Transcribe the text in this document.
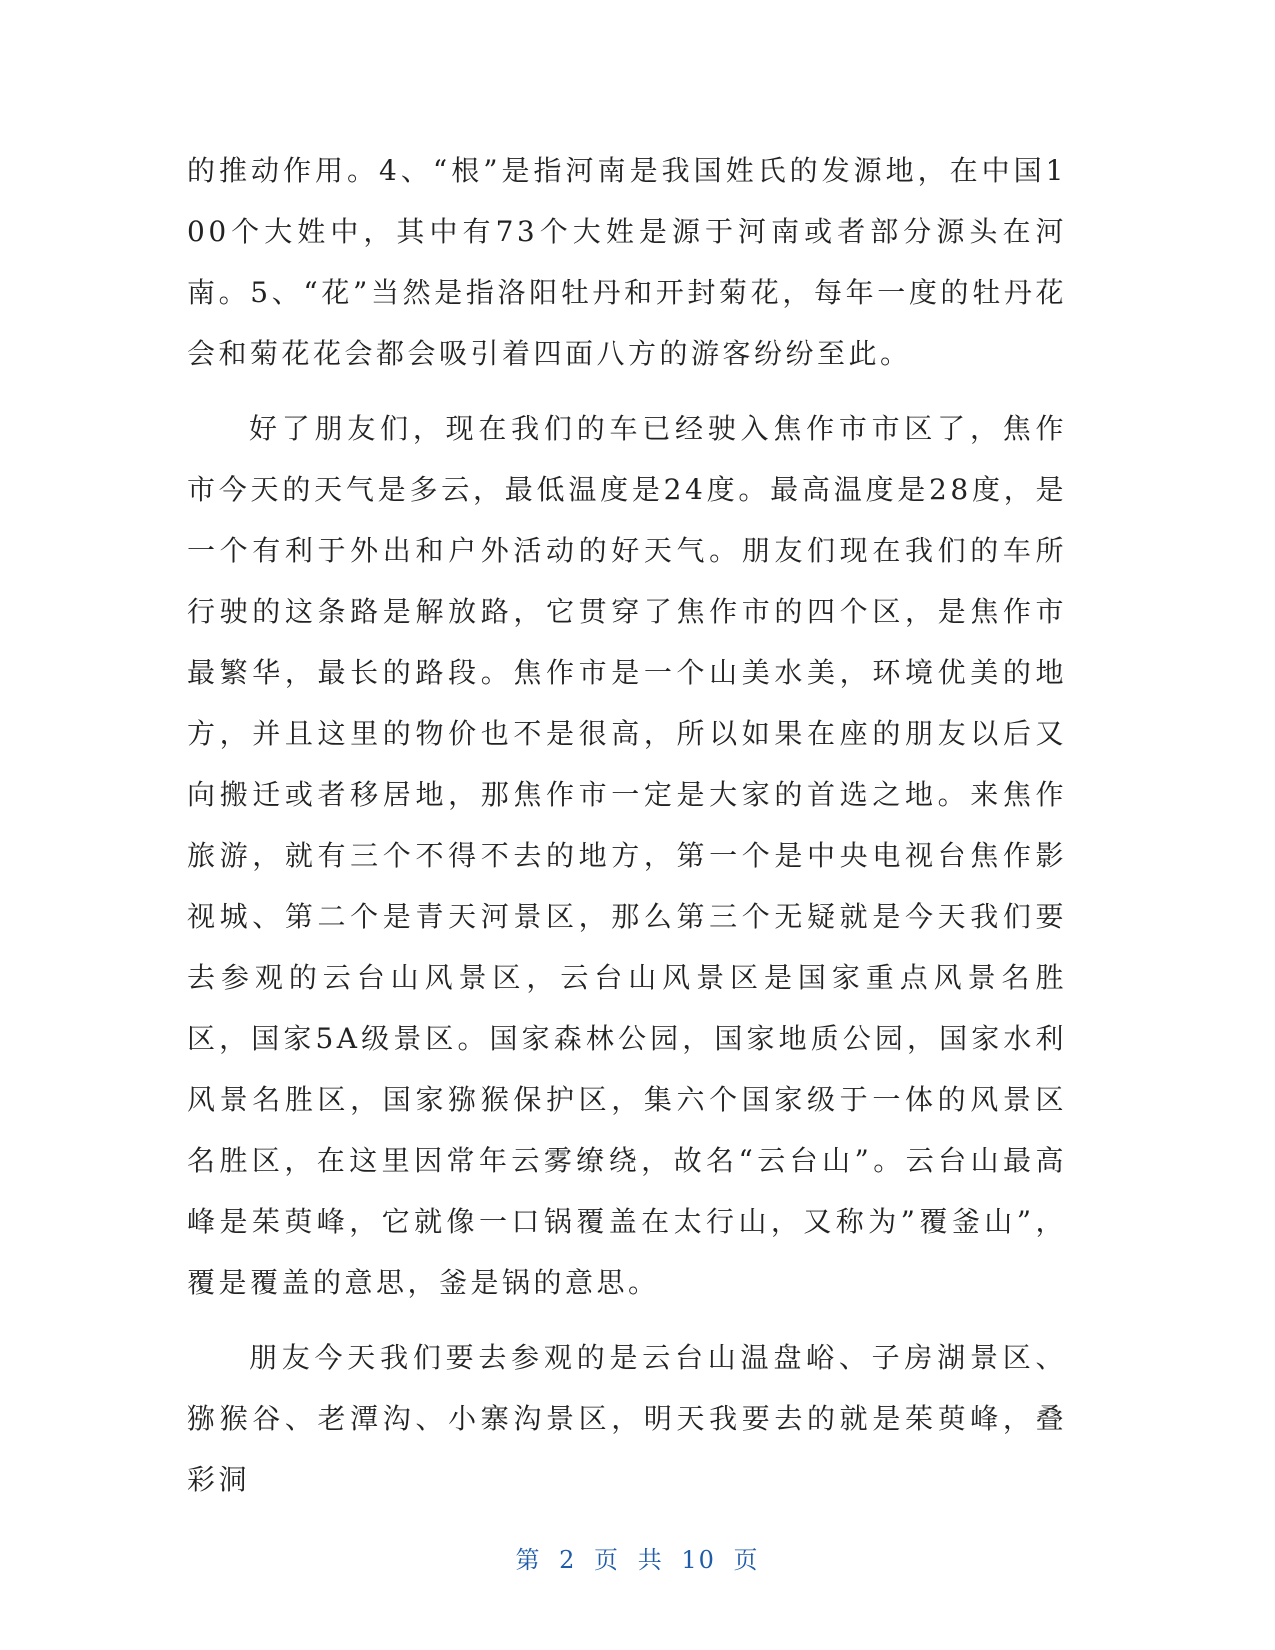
的推动作用。4、“根”是指河南是我国姓氏的发源地，在中国100个大姓中，其中有73个大姓是源于河南或者部分源头在河南。5、“花”当然是指洛阳牡丹和开封菊花，每年一度的牡丹花会和菊花花会都会吸引着四面八方的游客纷纷至此。

好了朋友们，现在我们的车已经驶入焦作市市区了，焦作市今天的天气是多云，最低温度是24度。最高温度是28度，是一个有利于外出和户外活动的好天气。朋友们现在我们的车所行驶的这条路是解放路，它贯穿了焦作市的四个区，是焦作市最繁华，最长的路段。焦作市是一个山美水美，环境优美的地方，并且这里的物价也不是很高，所以如果在座的朋友以后又向搬迁或者移居地，那焦作市一定是大家的首选之地。来焦作旅游，就有三个不得不去的地方，第一个是中央电视台焦作影视城、第二个是青天河景区，那么第三个无疑就是今天我们要去参观的云台山风景区，云台山风景区是国家重点风景名胜区，国家5A级景区。国家森林公园，国家地质公园，国家水利风景名胜区，国家猕猴保护区，集六个国家级于一体的风景区名胜区，在这里因常年云雾缭绕，故名“云台山”。云台山最高峰是茱萸峰，它就像一口锅覆盖在太行山，又称为”覆釜山”，覆是覆盖的意思，釜是锅的意思。

朋友今天我们要去参观的是云台山温盘峪、子房湖景区、猕猴谷、老潭沟、小寨沟景区，明天我要去的就是茱萸峰，叠彩洞

第 2 页 共 10 页
